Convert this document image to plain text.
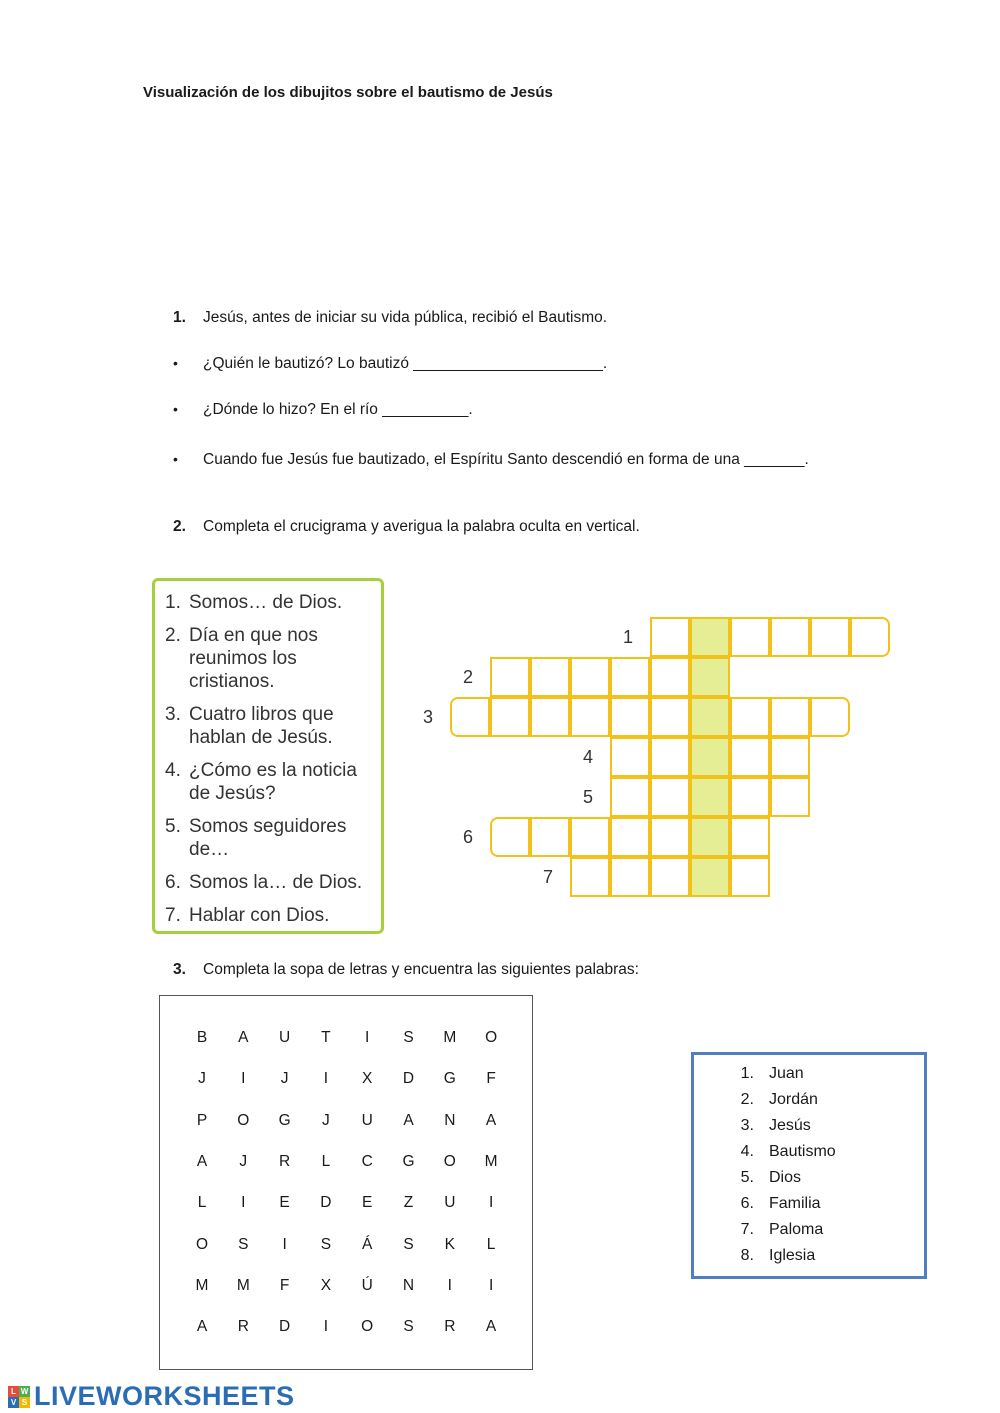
Visualización de los dibujitos sobre el bautismo de Jesús
1. Jesús, antes de iniciar su vida pública, recibió el Bautismo.
• ¿Quién le bautizó? Lo bautizó ______________________.
• ¿Dónde lo hizo? En el río __________.
• Cuando fue Jesús fue bautizado, el Espíritu Santo descendió en forma de una _______.
2. Completa el crucigrama y averigua la palabra oculta en vertical.
1. Somos… de Dios.
2. Día en que nos reunimos los cristianos.
3. Cuatro libros que hablan de Jesús.
4. ¿Cómo es la noticia de Jesús?
5. Somos seguidores de…
6. Somos la… de Dios.
7. Hablar con Dios.
1
2
3
4
5
6
7
3. Completa la sopa de letras y encuentra las siguientes palabras:
B	A	U	T	I	S	M	O
J	I	J	I	X	D	G	F
P	O	G	J	U	A	N	A
A	J	R	L	C	G	O	M
L	I	E	D	E	Z	U	I
O	S	I	S	Á	S	K	L
M	M	F	X	Ú	N	I	I
A	R	D	I	O	S	R	A
1. Juan
2. Jordán
3. Jesús
4. Bautismo
5. Dios
6. Familia
7. Paloma
8. Iglesia
L W
V S LIVEWORKSHEETS
